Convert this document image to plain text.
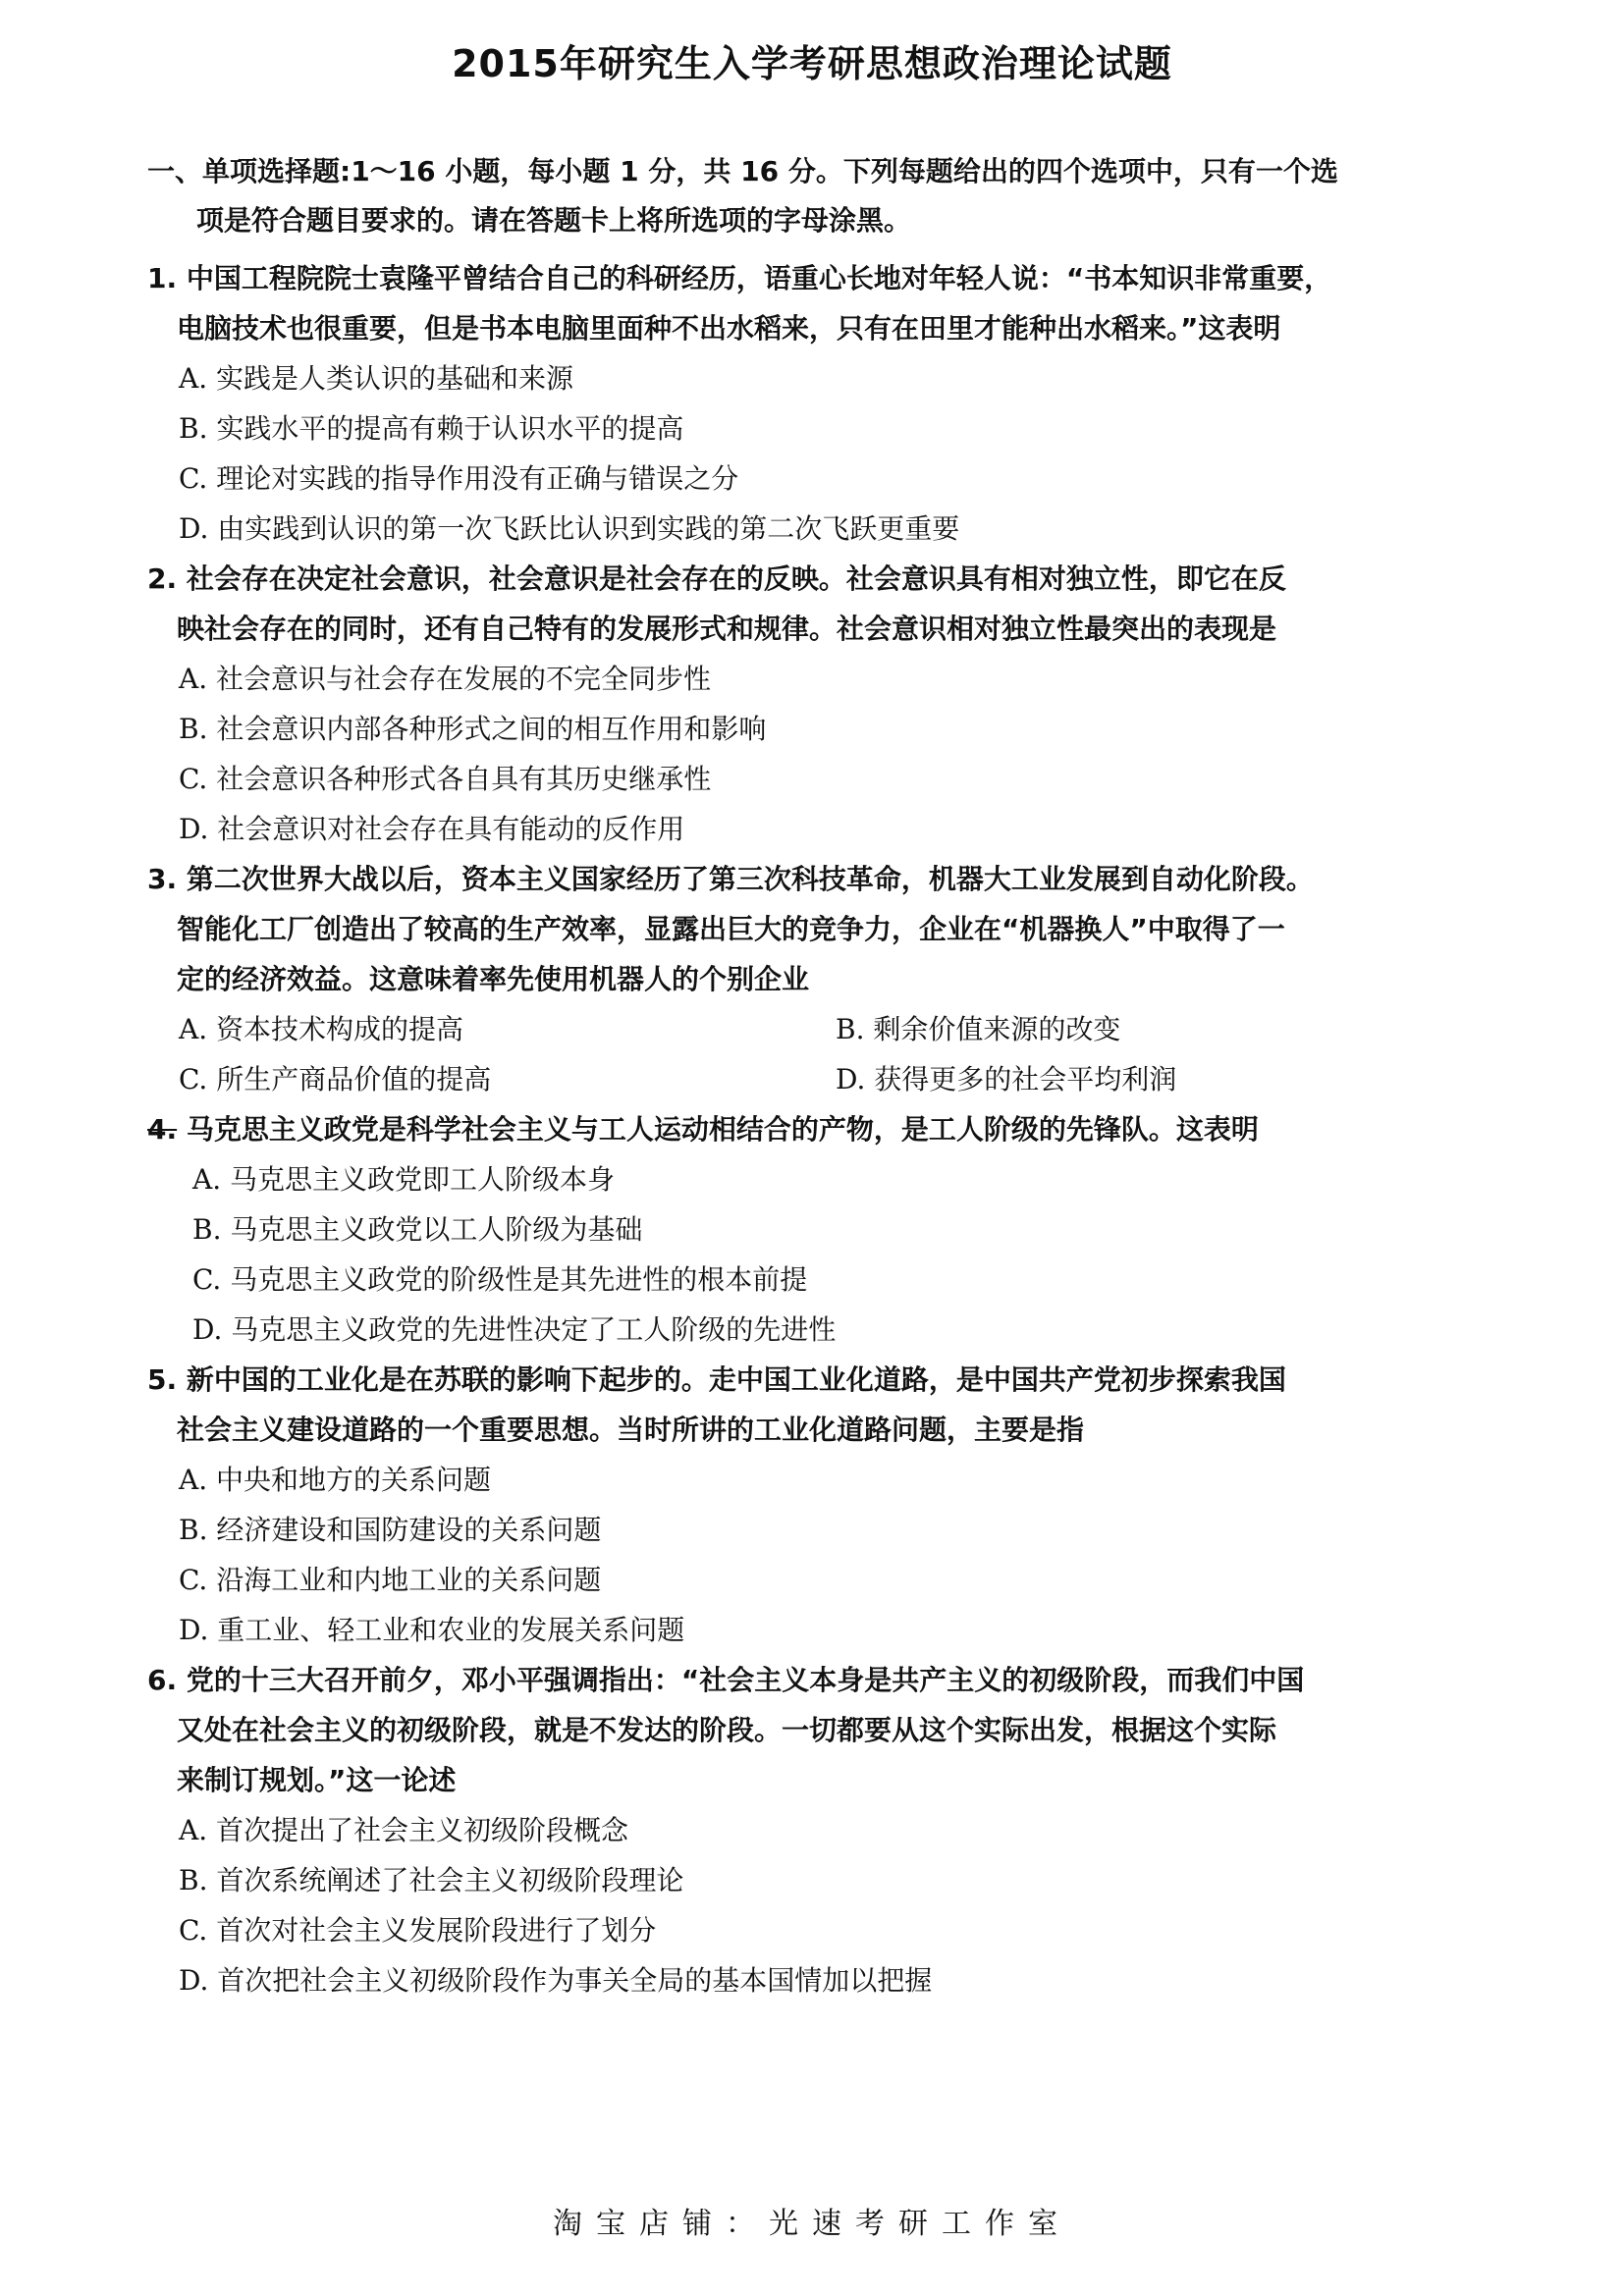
2015年研究生入学考研思想政治理论试题
一、单项选择题:1～16 小题，每小题 1 分，共 16 分。下列每题给出的四个选项中，只有一个选
项是符合题目要求的。请在答题卡上将所选项的字母涂黑。
1. 中国工程院院士袁隆平曾结合自己的科研经历，语重心长地对年轻人说：“书本知识非常重要，
电脑技术也很重要，但是书本电脑里面种不出水稻来，只有在田里才能种出水稻来。”这表明
A. 实践是人类认识的基础和来源
B. 实践水平的提高有赖于认识水平的提高
C. 理论对实践的指导作用没有正确与错误之分
D. 由实践到认识的第一次飞跃比认识到实践的第二次飞跃更重要
2. 社会存在决定社会意识，社会意识是社会存在的反映。社会意识具有相对独立性，即它在反
映社会存在的同时，还有自己特有的发展形式和规律。社会意识相对独立性最突出的表现是
A. 社会意识与社会存在发展的不完全同步性
B. 社会意识内部各种形式之间的相互作用和影响
C. 社会意识各种形式各自具有其历史继承性
D. 社会意识对社会存在具有能动的反作用
3. 第二次世界大战以后，资本主义国家经历了第三次科技革命，机器大工业发展到自动化阶段。
智能化工厂创造出了较高的生产效率，显露出巨大的竞争力，企业在“机器换人”中取得了一
定的经济效益。这意味着率先使用机器人的个别企业
A. 资本技术构成的提高	B. 剩余价值来源的改变
C. 所生产商品价值的提高	D. 获得更多的社会平均利润
4. 马克思主义政党是科学社会主义与工人运动相结合的产物，是工人阶级的先锋队。这表明
A. 马克思主义政党即工人阶级本身
B. 马克思主义政党以工人阶级为基础
C. 马克思主义政党的阶级性是其先进性的根本前提
D. 马克思主义政党的先进性决定了工人阶级的先进性
5. 新中国的工业化是在苏联的影响下起步的。走中国工业化道路，是中国共产党初步探索我国
社会主义建设道路的一个重要思想。当时所讲的工业化道路问题，主要是指
A. 中央和地方的关系问题
B. 经济建设和国防建设的关系问题
C. 沿海工业和内地工业的关系问题
D. 重工业、轻工业和农业的发展关系问题
6. 党的十三大召开前夕，邓小平强调指出：“社会主义本身是共产主义的初级阶段，而我们中国
又处在社会主义的初级阶段，就是不发达的阶段。一切都要从这个实际出发，根据这个实际
来制订规划。”这一论述
A. 首次提出了社会主义初级阶段概念
B. 首次系统阐述了社会主义初级阶段理论
C. 首次对社会主义发展阶段进行了划分
D. 首次把社会主义初级阶段作为事关全局的基本国情加以把握
淘宝店铺：光速考研工作室
